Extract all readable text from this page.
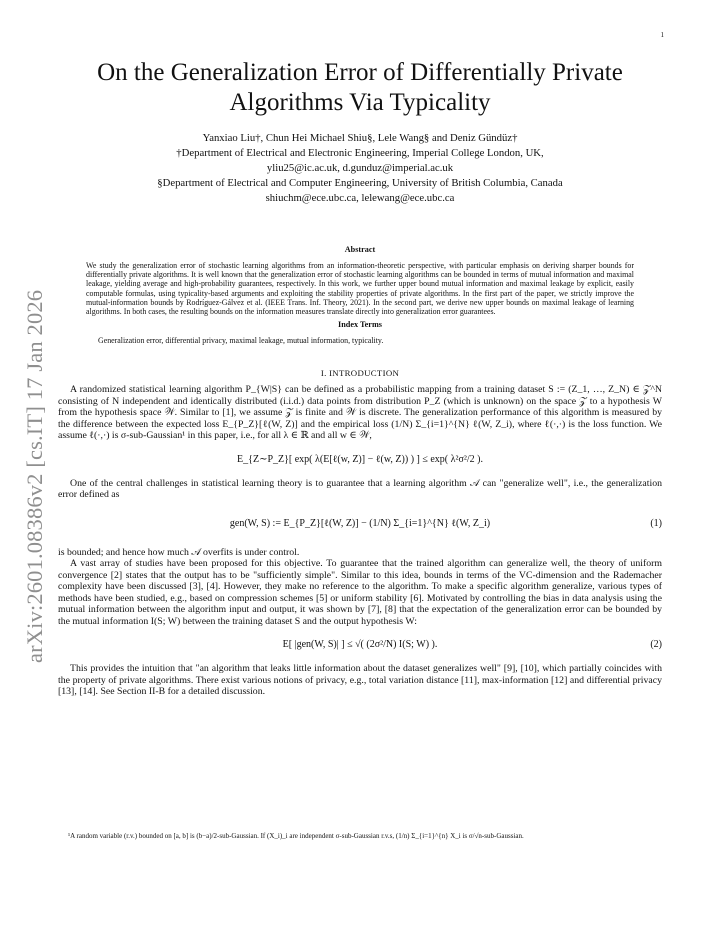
1
arXiv:2601.08386v2 [cs.IT] 17 Jan 2026
On the Generalization Error of Differentially Private Algorithms Via Typicality
Yanxiao Liu†, Chun Hei Michael Shiu§, Lele Wang§ and Deniz Gündüz†
†Department of Electrical and Electronic Engineering, Imperial College London, UK,
yliu25@ic.ac.uk, d.gunduz@imperial.ac.uk
§Department of Electrical and Computer Engineering, University of British Columbia, Canada
shiuchm@ece.ubc.ca, lelewang@ece.ubc.ca
Abstract

We study the generalization error of stochastic learning algorithms from an information-theoretic perspective, with particular emphasis on deriving sharper bounds for differentially private algorithms. It is well known that the generalization error of stochastic learning algorithms can be bounded in terms of mutual information and maximal leakage, yielding average and high-probability guarantees, respectively. In this work, we further upper bound mutual information and maximal leakage by explicit, easily computable formulas, using typicality-based arguments and exploiting the stability properties of private algorithms. In the first part of the paper, we strictly improve the mutual-information bounds by Rodríguez-Gálvez et al. (IEEE Trans. Inf. Theory, 2021). In the second part, we derive new upper bounds on maximal leakage of learning algorithms. In both cases, the resulting bounds on the information measures translate directly into generalization error guarantees.

Index Terms

Generalization error, differential privacy, maximal leakage, mutual information, typicality.

I. INTRODUCTION

A randomized statistical learning algorithm P_{W|S} can be defined as a probabilistic mapping from a training dataset S := (Z_1, …, Z_N) ∈ 𝒵^N consisting of N independent and identically distributed (i.i.d.) data points from distribution P_Z (which is unknown) on the space 𝒵 to a hypothesis W from the hypothesis space 𝒲. Similar to [1], we assume 𝒵 is finite and 𝒲 is discrete. The generalization performance of this algorithm is measured by the difference between the expected loss E_{P_Z}[ℓ(W, Z)] and the empirical loss (1/N) Σ_{i=1}^{N} ℓ(W, Z_i), where ℓ(·,·) is the loss function. We assume ℓ(·,·) is σ-sub-Gaussian¹ in this paper, i.e., for all λ ∈ ℝ and all w ∈ 𝒲,

E_{Z∼P_Z}[ exp( λ(E[ℓ(w, Z)] − ℓ(w, Z)) ) ] ≤ exp( λ²σ²/2 ).

One of the central challenges in statistical learning theory is to guarantee that a learning algorithm 𝒜 can "generalize well", i.e., the generalization error defined as

gen(W, S) := E_{P_Z}[ℓ(W, Z)] − (1/N) Σ_{i=1}^{N} ℓ(W, Z_i)	(1)

is bounded; and hence how much 𝒜 overfits is under control.

A vast array of studies have been proposed for this objective. To guarantee that the trained algorithm can generalize well, the theory of uniform convergence [2] states that the output has to be "sufficiently simple". Similar to this idea, bounds in terms of the VC-dimension and the Rademacher complexity have been discussed [3], [4]. However, they make no reference to the algorithm. To make a specific algorithm generalize, various types of methods have been studied, e.g., based on compression schemes [5] or uniform stability [6]. Motivated by controlling the bias in data analysis using the mutual information between the algorithm input and output, it was shown by [7], [8] that the expectation of the generalization error can be bounded by the mutual information I(S; W) between the training dataset S and the output hypothesis W:

E[ |gen(W, S)| ] ≤ √( (2σ²/N) I(S; W) ).	(2)

This provides the intuition that "an algorithm that leaks little information about the dataset generalizes well" [9], [10], which partially coincides with the property of private algorithms. There exist various notions of privacy, e.g., total variation distance [11], max-information [12] and differential privacy [13], [14]. See Section II-B for a detailed discussion.

¹A random variable (r.v.) bounded on [a, b] is (b−a)/2-sub-Gaussian. If (X_i)_i are independent σ-sub-Gaussian r.v.s, (1/n) Σ_{i=1}^{n} X_i is σ/√n-sub-Gaussian.
